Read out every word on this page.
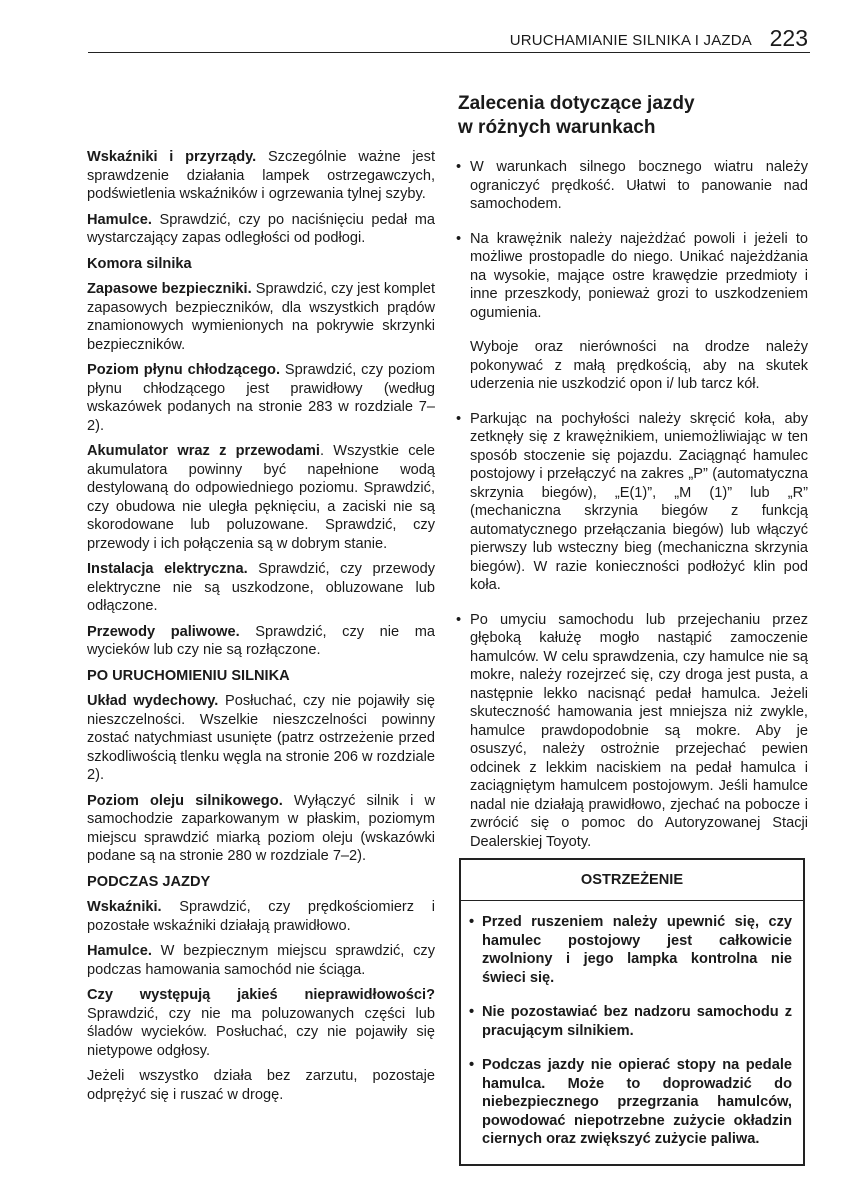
URUCHAMIANIE SILNIKA I JAZDA 223

Wskaźniki i przyrządy. Szczególnie ważne jest sprawdzenie działania lampek ostrzegawczych, podświetlenia wskaźników i ogrzewania tylnej szyby.

Hamulce. Sprawdzić, czy po naciśnięciu pedał ma wystarczający zapas odległości od podłogi.

Komora silnika

Zapasowe bezpieczniki. Sprawdzić, czy jest komplet zapasowych bezpieczników, dla wszystkich prądów znamionowych wymienionych na pokrywie skrzynki bezpieczników.

Poziom płynu chłodzącego. Sprawdzić, czy poziom płynu chłodzącego jest prawidłowy (według wskazówek podanych na stronie 283 w rozdziale 7–2).

Akumulator wraz z przewodami. Wszystkie cele akumulatora powinny być napełnione wodą destylowaną do odpowiedniego poziomu. Sprawdzić, czy obudowa nie uległa pęknięciu, a zaciski nie są skorodowane lub poluzowane. Sprawdzić, czy przewody i ich połączenia są w dobrym stanie.

Instalacja elektryczna. Sprawdzić, czy przewody elektryczne nie są uszkodzone, obluzowane lub odłączone.

Przewody paliwowe. Sprawdzić, czy nie ma wycieków lub czy nie są rozłączone.

PO URUCHOMIENIU SILNIKA

Układ wydechowy. Posłuchać, czy nie pojawiły się nieszczelności. Wszelkie nieszczelności powinny zostać natychmiast usunięte (patrz ostrzeżenie przed szkodliwością tlenku węgla na stronie 206 w rozdziale 2).

Poziom oleju silnikowego. Wyłączyć silnik i w samochodzie zaparkowanym w płaskim, poziomym miejscu sprawdzić miarką poziom oleju (wskazówki podane są na stronie 280 w rozdziale 7–2).

PODCZAS JAZDY

Wskaźniki. Sprawdzić, czy prędkościomierz i pozostałe wskaźniki działają prawidłowo.

Hamulce. W bezpiecznym miejscu sprawdzić, czy podczas hamowania samochód nie ściąga.

Czy występują jakieś nieprawidłowości? Sprawdzić, czy nie ma poluzowanych części lub śladów wycieków. Posłuchać, czy nie pojawiły się nietypowe odgłosy.

Jeżeli wszystko działa bez zarzutu, pozostaje odprężyć się i ruszać w drogę.

Zalecenia dotyczące jazdy
w różnych warunkach
• W warunkach silnego bocznego wiatru należy ograniczyć prędkość. Ułatwi to panowanie nad samochodem.
• Na krawężnik należy najeżdżać powoli i jeżeli to możliwe prostopadle do niego. Unikać najeżdżania na wysokie, mające ostre krawędzie przedmioty i inne przeszkody, ponieważ grozi to uszkodzeniem ogumienia.
Wyboje oraz nierówności na drodze należy pokonywać z małą prędkością, aby na skutek uderzenia nie uszkodzić opon i/ lub tarcz kół.
• Parkując na pochyłości należy skręcić koła, aby zetknęły się z krawężnikiem, uniemożliwiając w ten sposób stoczenie się pojazdu. Zaciągnąć hamulec postojowy i przełączyć na zakres „P” (automatyczna skrzynia biegów), „E(1)”, „M (1)” lub „R” (mechaniczna skrzynia biegów z funkcją automatycznego przełączania biegów) lub włączyć pierwszy lub wsteczny bieg (mechaniczna skrzynia biegów). W razie konieczności podłożyć klin pod koła.
• Po umyciu samochodu lub przejechaniu przez głęboką kałużę mogło nastąpić zamoczenie hamulców. W celu sprawdzenia, czy hamulce nie są mokre, należy rozejrzeć się, czy droga jest pusta, a następnie lekko nacisnąć pedał hamulca. Jeżeli skuteczność hamowania jest mniejsza niż zwykle, hamulce prawdopodobnie są mokre. Aby je osuszyć, należy ostrożnie przejechać pewien odcinek z lekkim naciskiem na pedał hamulca i zaciągniętym hamulcem postojowym. Jeśli hamulce nadal nie działają prawidłowo, zjechać na pobocze i zwrócić się o pomoc do Autoryzowanej Stacji Dealerskiej Toyoty.
OSTRZEŻENIE
• Przed ruszeniem należy upewnić się, czy hamulec postojowy jest całkowicie zwolniony i jego lampka kontrolna nie świeci się.
• Nie pozostawiać bez nadzoru samochodu z pracującym silnikiem.
• Podczas jazdy nie opierać stopy na pedale hamulca. Może to doprowadzić do niebezpiecznego przegrzania hamulców, powodować niepotrzebne zużycie okładzin ciernych oraz zwiększyć zużycie paliwa.
